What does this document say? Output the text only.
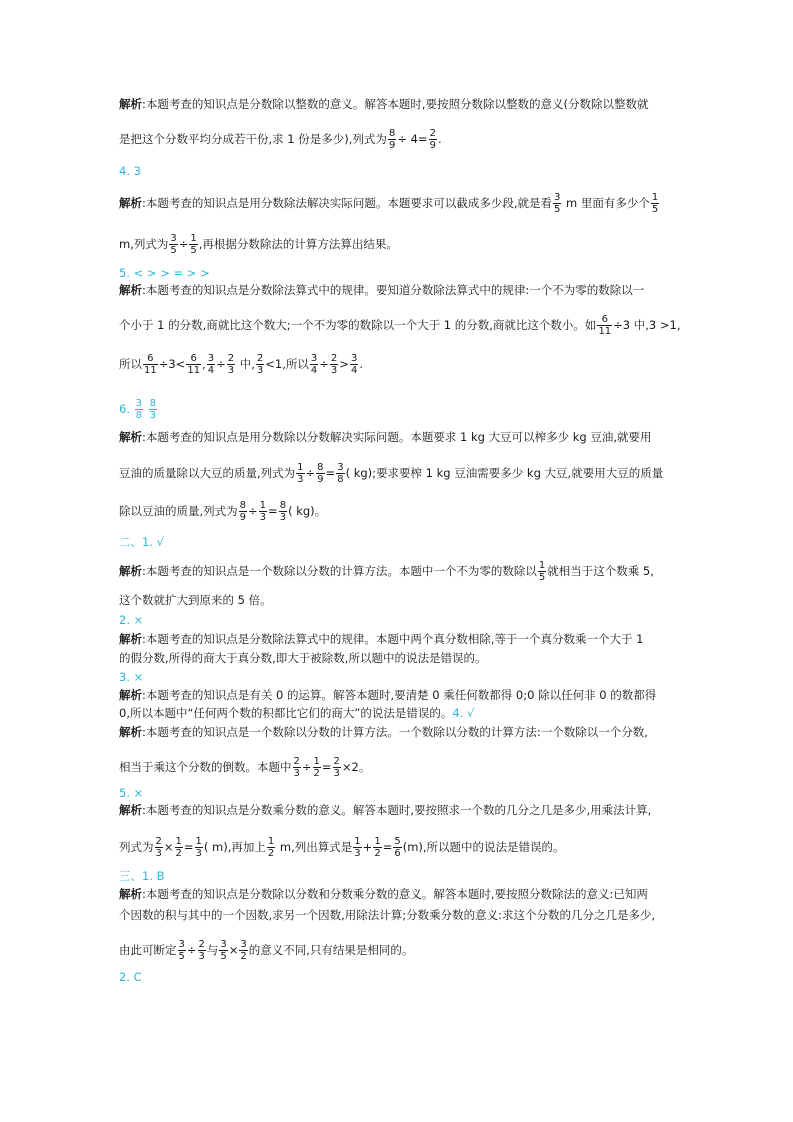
解析:本题考查的知识点是分数除以整数的意义。解答本题时,要按照分数除以整数的意义(分数除以整数就
是把这个分数平均分成若干份,求 1 份是多少),列式为 $\frac{8}{9} \div 4= \frac{2}{9}$ .
4. 3
解析:本题考查的知识点是用分数除法解决实际问题。本题要求可以截成多少段,就是看 $\frac{3}{5}$ m 里面有多少个 $\frac{1}{5}$
m,列式为 $\frac{3}{5} \div \frac{1}{5}$ ,再根据分数除法的计算方法算出结果。
5. < > > = > >
解析:本题考查的知识点是分数除法算式中的规律。要知道分数除法算式中的规律:一个不为零的数除以一
个小于 1 的分数,商就比这个数大;一个不为零的数除以一个大于 1 的分数,商就比这个数小。如 $\frac{6}{11} \div 3$ 中,3 >1,
所以 $\frac{6}{11} \div 3< \frac{6}{11}$ , $\frac{3}{4} \div \frac{2}{3}$ 中, $\frac{2}{3} <1$,所以 $\frac{3}{4} \div \frac{2}{3} > \frac{3}{4}$ .
6. $\frac{3}{8}$
$\frac{8}{3}$
解析:本题考查的知识点是用分数除以分数解决实际问题。本题要求 1 kg 大豆可以榨多少 kg 豆油,就要用
豆油的质量除以大豆的质量,列式为 $\frac{1}{3} \div \frac{8}{9} = \frac{3}{8}$ ( kg);要求要榨 1 kg 豆油需要多少 kg 大豆,就要用大豆的质量
除以豆油的质量,列式为 $\frac{8}{9} \div \frac{1}{3} = \frac{8}{3}$ ( kg)。
二、1. √
解析:本题考查的知识点是一个数除以分数的计算方法。本题中一个不为零的数除以 $\frac{1}{5}$ 就相当于这个数乘 5,
这个数就扩大到原来的 5 倍。
2. ×
解析:本题考查的知识点是分数除法算式中的规律。本题中两个真分数相除,等于一个真分数乘一个大于 1
的假分数,所得的商大于真分数,即大于被除数,所以题中的说法是错误的。
3. ×
解析:本题考查的知识点是有关 0 的运算。解答本题时,要清楚 0 乘任何数都得 0;0 除以任何非 0 的数都得
0,所以本题中“任何两个数的积都比它们的商大”的说法是错误的。4. √
解析:本题考查的知识点是一个数除以分数的计算方法。一个数除以分数的计算方法:一个数除以一个分数,
相当于乘这个分数的倒数。本题中 $\frac{2}{3} \div \frac{1}{2} = \frac{2}{3} \times 2$。
5. ×
解析:本题考查的知识点是分数乘分数的意义。解答本题时,要按照求一个数的几分之几是多少,用乘法计算,
列式为 $\frac{2}{3} \times \frac{1}{2} = \frac{1}{3}$ ( m),再加上 $\frac{1}{2} m$,列出算式是 $\frac{1}{3} + \frac{1}{2} = \frac{5}{6} (m)$,所以题中的说法是错误的。
三、1. B
解析:本题考查的知识点是分数除以分数和分数乘分数的意义。解答本题时,要按照分数除法的意义:已知两
个因数的积与其中的一个因数,求另一个因数,用除法计算;分数乘分数的意义:求这个分数的几分之几是多少,
由此可断定 $\frac{3}{5} \div \frac{2}{3}$ 与 $\frac{3}{5} \times \frac{3}{2}$ 的意义不同,只有结果是相同的。
2. C
